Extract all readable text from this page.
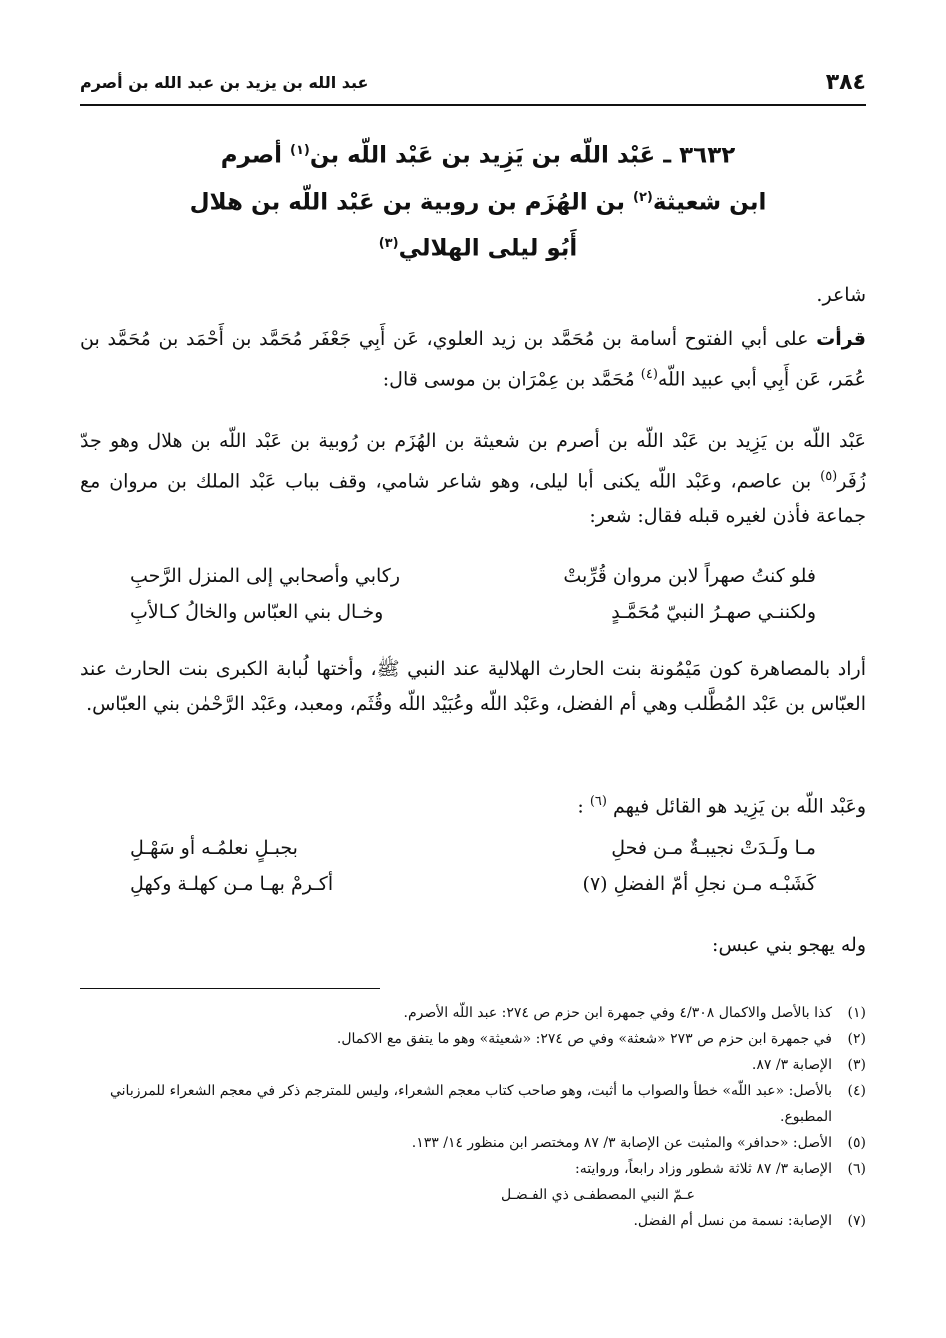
٣٨٤
عبد الله بن يزيد بن عبد الله بن أصرم
٣٦٣٢ ـ عَبْد اللّه بن يَزِيد بن عَبْد اللّه بن$^{(١)}$ أصرم
ابن شعيثة$^{(٢)}$ بن الهُزَم بن روبية بن عَبْد اللّه بن هلال
أَبُو ليلى الهلالي$^{(٣)}$
شاعر.
قرأت على أبي الفتوح أسامة بن مُحَمَّد بن زيد العلوي، عَن أَبِي جَعْفَر مُحَمَّد بن أَحْمَد بن مُحَمَّد بن عُمَر، عَن أَبِي أبي عبيد اللّه$^{(٤)}$ مُحَمَّد بن عِمْرَان بن موسى قال:
عَبْد اللّه بن يَزِيد بن عَبْد اللّه بن أصرم بن شعيثة بن الهُزَم بن رُوبية بن عَبْد اللّه بن هلال وهو جدّ زُفَر$^{(٥)}$ بن عاصم، وعَبْد اللّه يكنى أبا ليلى، وهو شاعر شامي، وقف بباب عَبْد الملك بن مروان مع جماعة فأذن لغيره قبله فقال: شعر:
فلو كنتُ صهراً لابن مروان قُرِّبتْ
ركابي وأصحابي إلى المنزل الرَّحبِ
ولكننـي صهـرُ النبيّ مُحَمَّـدٍ
وخـال بني العبّاس والخالُ كـالأبِ
أراد بالمصاهرة كون مَيْمُونة بنت الحارث الهلالية عند النبي ﷺ، وأختها لُبابة الكبرى بنت الحارث عند العبّاس بن عَبْد المُطَّلب وهي أم الفضل، وعَبْد اللّه وعُبَيْد اللّه وقُثَم، ومعبد، وعَبْد الرَّحْمٰن بني العبّاس.
وعَبْد اللّه بن يَزِيد هو القائل فيهم $^{(٦)}$ :
مـا ولَـدَتْ نجيبـةٌ مـن فحلِ
بجبـلٍ نعلمُـه أو سَهْـلِ
كَشَبْـه مـن نجلِ أمّ الفضلِ (٧)
أكـرمْ بهـا مـن كهلـة وكهلِ
وله يهجو بني عبس:
(١)
كذا بالأصل والاكمال ٤/٣٠٨ وفي جمهرة ابن حزم ص ٢٧٤: عبد اللّه الأصرم.
(٢)
في جمهرة ابن حزم ص ٢٧٣ «شعثة» وفي ص ٢٧٤: «شعيثة» وهو ما يتفق مع الاكمال.
(٣)
الإصابة ٣/ ٨٧.
(٤)
بالأصل: «عبد اللّه» خطأ والصواب ما أثبت، وهو صاحب كتاب معجم الشعراء، وليس للمترجم ذكر في معجم الشعراء للمرزباني المطبوع.
(٥)
الأصل: «حدافر» والمثبت عن الإصابة ٣/ ٨٧ ومختصر ابن منظور ١٤/ ١٣٣.
(٦)
الإصابة ٣/ ٨٧ ثلاثة شطور وزاد رابعاً، وروايته:
عـمّ النبي المصطفـى ذي الفـضـل
(٧)
الإصابة: نسمة من نسل أم الفضل.
